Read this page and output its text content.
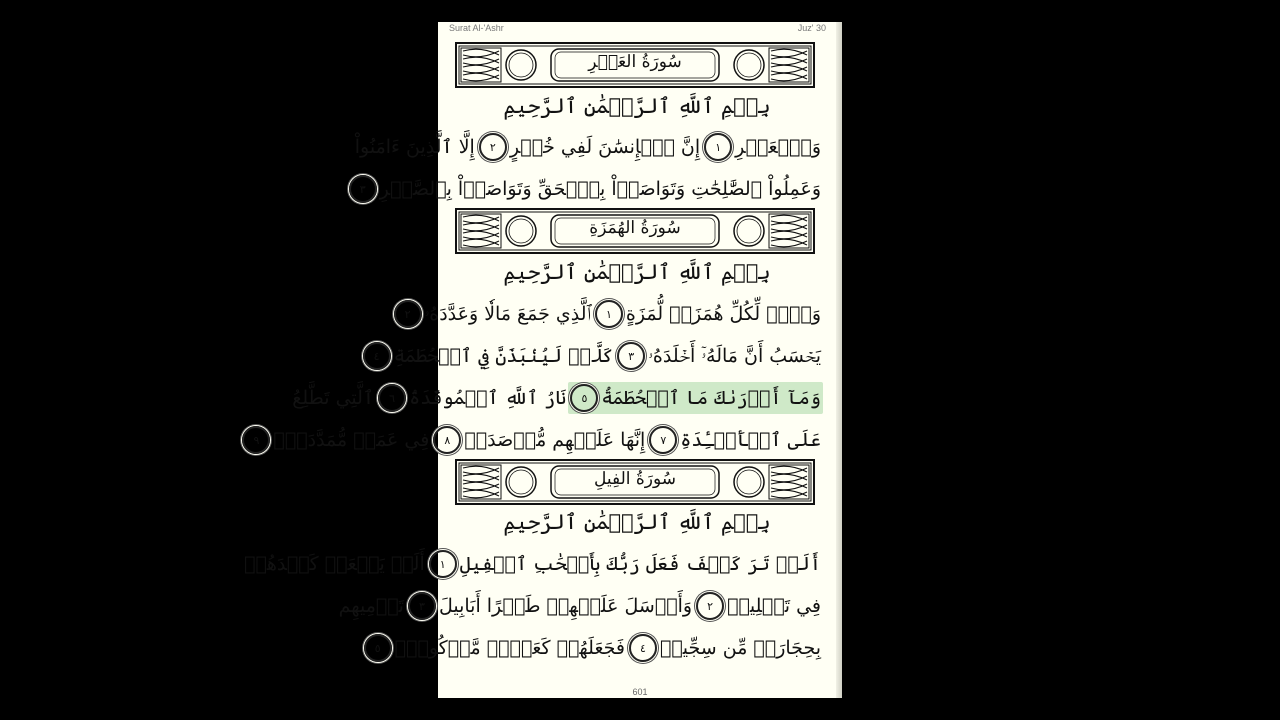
Surat Al-'Ashr	Juz' 30
سُورَةُ العَصۡرِ
بِسۡمِ ٱللَّهِ ٱلرَّحۡمَٰنِ ٱلرَّحِيمِ
وَٱلۡعَصۡرِ
١
إِنَّ ٱلۡإِنسَٰنَ لَفِي خُسۡرٍ
٢
إِلَّا ٱلَّذِينَ ءَامَنُواْ
وَعَمِلُواْ ٱلصَّٰلِحَٰتِ وَتَوَاصَوۡاْ بِٱلۡحَقِّ وَتَوَاصَوۡاْ بِٱلصَّبۡرِ
٣
سُورَةُ الهُمَزَةِ
بِسۡمِ ٱللَّهِ ٱلرَّحۡمَٰنِ ٱلرَّحِيمِ
وَيۡلٞ لِّكُلِّ هُمَزَةٖ لُّمَزَةٍ
١
ٱلَّذِي جَمَعَ مَالٗا وَعَدَّدَهُۥ
٢
يَحۡسَبُ أَنَّ مَالَهُۥٓ أَخۡلَدَهُۥ
٣
كَلَّاۖ لَيُنۢبَذَنَّ فِي ٱلۡحُطَمَةِ
٤
وَمَآ أَدۡرَىٰكَ مَا ٱلۡحُطَمَةُ
٥
نَارُ ٱللَّهِ ٱلۡمُوقَدَةُ
٦
ٱلَّتِي تَطَّلِعُ
عَلَى ٱلۡأَفۡـِٔدَةِ
٧
إِنَّهَا عَلَيۡهِم مُّؤۡصَدَةٞ
٨
فِي عَمَدٖ مُّمَدَّدَةِۭ
٩
سُورَةُ الفِيلِ
بِسۡمِ ٱللَّهِ ٱلرَّحۡمَٰنِ ٱلرَّحِيمِ
أَلَمۡ تَرَ كَيۡفَ فَعَلَ رَبُّكَ بِأَصۡحَٰبِ ٱلۡفِيلِ
١
أَلَمۡ يَجۡعَلۡ كَيۡدَهُمۡ
فِي تَضۡلِيلٖ
٢
وَأَرۡسَلَ عَلَيۡهِمۡ طَيۡرًا أَبَابِيلَ
٣
تَرۡمِيهِم
بِحِجَارَةٖ مِّن سِجِّيلٖ
٤
فَجَعَلَهُمۡ كَعَصۡفٖ مَّأۡكُولِۭ
٥
601
